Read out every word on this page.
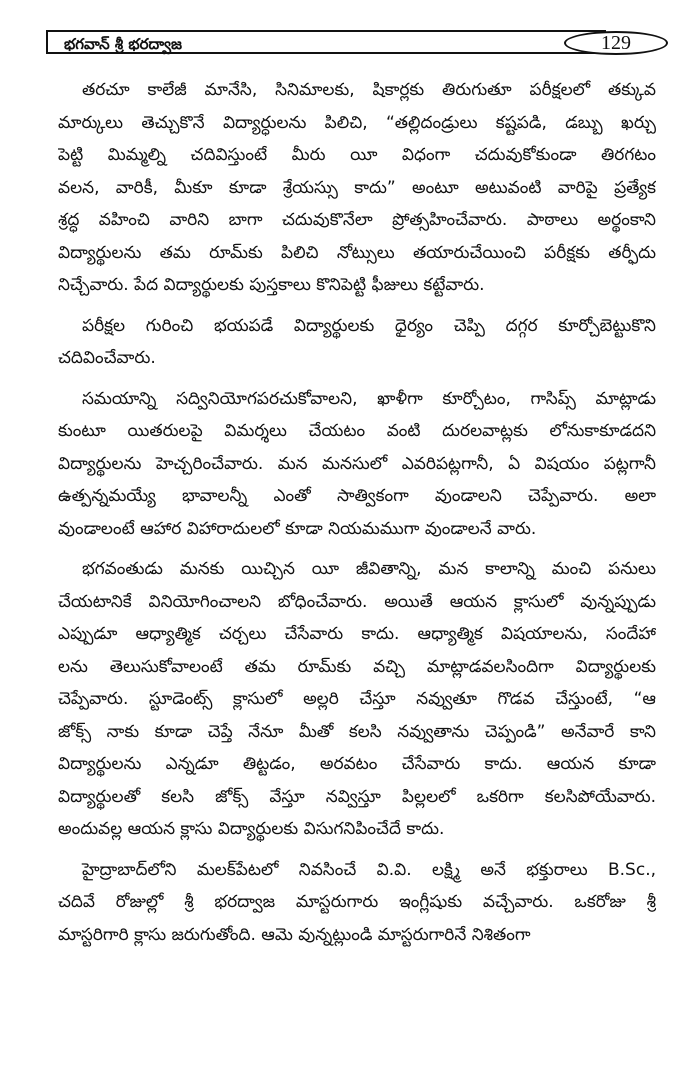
భగవాన్ శ్రీ భరద్వాజ	129
తరచూ కాలేజీ మానేసి, సినిమాలకు, షికార్లకు తిరుగుతూ పరీక్షలలో తక్కువ
మార్కులు తెచ్చుకొనే విద్యార్ధులను పిలిచి, “తల్లిదండ్రులు కష్టపడి, డబ్బు ఖర్చు
పెట్టి మిమ్మల్ని చదివిస్తుంటే మీరు యీ విధంగా చదువుకోకుండా తిరగటం
వలన, వారికీ, మీకూ కూడా శ్రేయస్సు కాదు” అంటూ అటువంటి వారిపై ప్రత్యేక
శ్రద్ధ వహించి వారిని బాగా చదువుకొనేలా ప్రోత్సహించేవారు. పాఠాలు అర్థంకాని
విద్యార్థులను తమ రూమ్‌కు పిలిచి నోట్సులు తయారుచేయించి పరీక్షకు తర్ఫీదు
నిచ్చేవారు. పేద విద్యార్థులకు పుస్తకాలు కొనిపెట్టి ఫీజులు కట్టేవారు.
పరీక్షల గురించి భయపడే విద్యార్థులకు ధైర్యం చెప్పి దగ్గర కూర్చోబెట్టుకొని
చదివించేవారు.
సమయాన్ని సద్వినియోగపరచుకోవాలని, ఖాళీగా కూర్చోటం, గాసిప్స్ మాట్లాడు
కుంటూ యితరులపై విమర్శలు చేయటం వంటి దురలవాట్లకు లోనుకాకూడదని
విద్యార్థులను హెచ్చరించేవారు. మన మనసులో ఎవరిపట్లగానీ, ఏ విషయం పట్లగానీ
ఉత్పన్నమయ్యే భావాలన్నీ ఎంతో సాత్వికంగా వుండాలని చెప్పేవారు. అలా
వుండాలంటే ఆహార విహారాదులలో కూడా నియమముగా వుండాలనే వారు.
భగవంతుడు మనకు యిచ్చిన యీ జీవితాన్ని, మన కాలాన్ని మంచి పనులు
చేయటానికే వినియోగించాలని బోధించేవారు. అయితే ఆయన క్లాసులో వున్నప్పుడు
ఎప్పుడూ ఆధ్యాత్మిక చర్చలు చేసేవారు కాదు. ఆధ్యాత్మిక విషయాలను, సందేహా
లను తెలుసుకోవాలంటే తమ రూమ్‌కు వచ్చి మాట్లాడవలసిందిగా విద్యార్థులకు
చెప్పేవారు. స్టూడెంట్స్ క్లాసులో అల్లరి చేస్తూ నవ్వుతూ గొడవ చేస్తుంటే, “ఆ
జోక్స్ నాకు కూడా చెప్తే నేనూ మీతో కలసి నవ్వుతాను చెప్పండి” అనేవారే కాని
విద్యార్థులను ఎన్నడూ తిట్టడం, అరవటం చేసేవారు కాదు. ఆయన కూడా
విద్యార్థులతో కలసి జోక్స్ వేస్తూ నవ్విస్తూ పిల్లలలో ఒకరిగా కలసిపోయేవారు.
అందువల్ల ఆయన క్లాసు విద్యార్థులకు విసుగనిపించేదే కాదు.
హైద్రాబాద్‌లోని మలక్‌పేటలో నివసించే వి.వి. లక్ష్మి అనే భక్తురాలు B.Sc.,
చదివే రోజుల్లో శ్రీ భరద్వాజ మాస్టరుగారు ఇంగ్లీషుకు వచ్చేవారు. ఒకరోజు శ్రీ
మాస్టరిగారి క్లాసు జరుగుతోంది. ఆమె వున్నట్లుండి మాస్టరుగారినే నిశితంగా
